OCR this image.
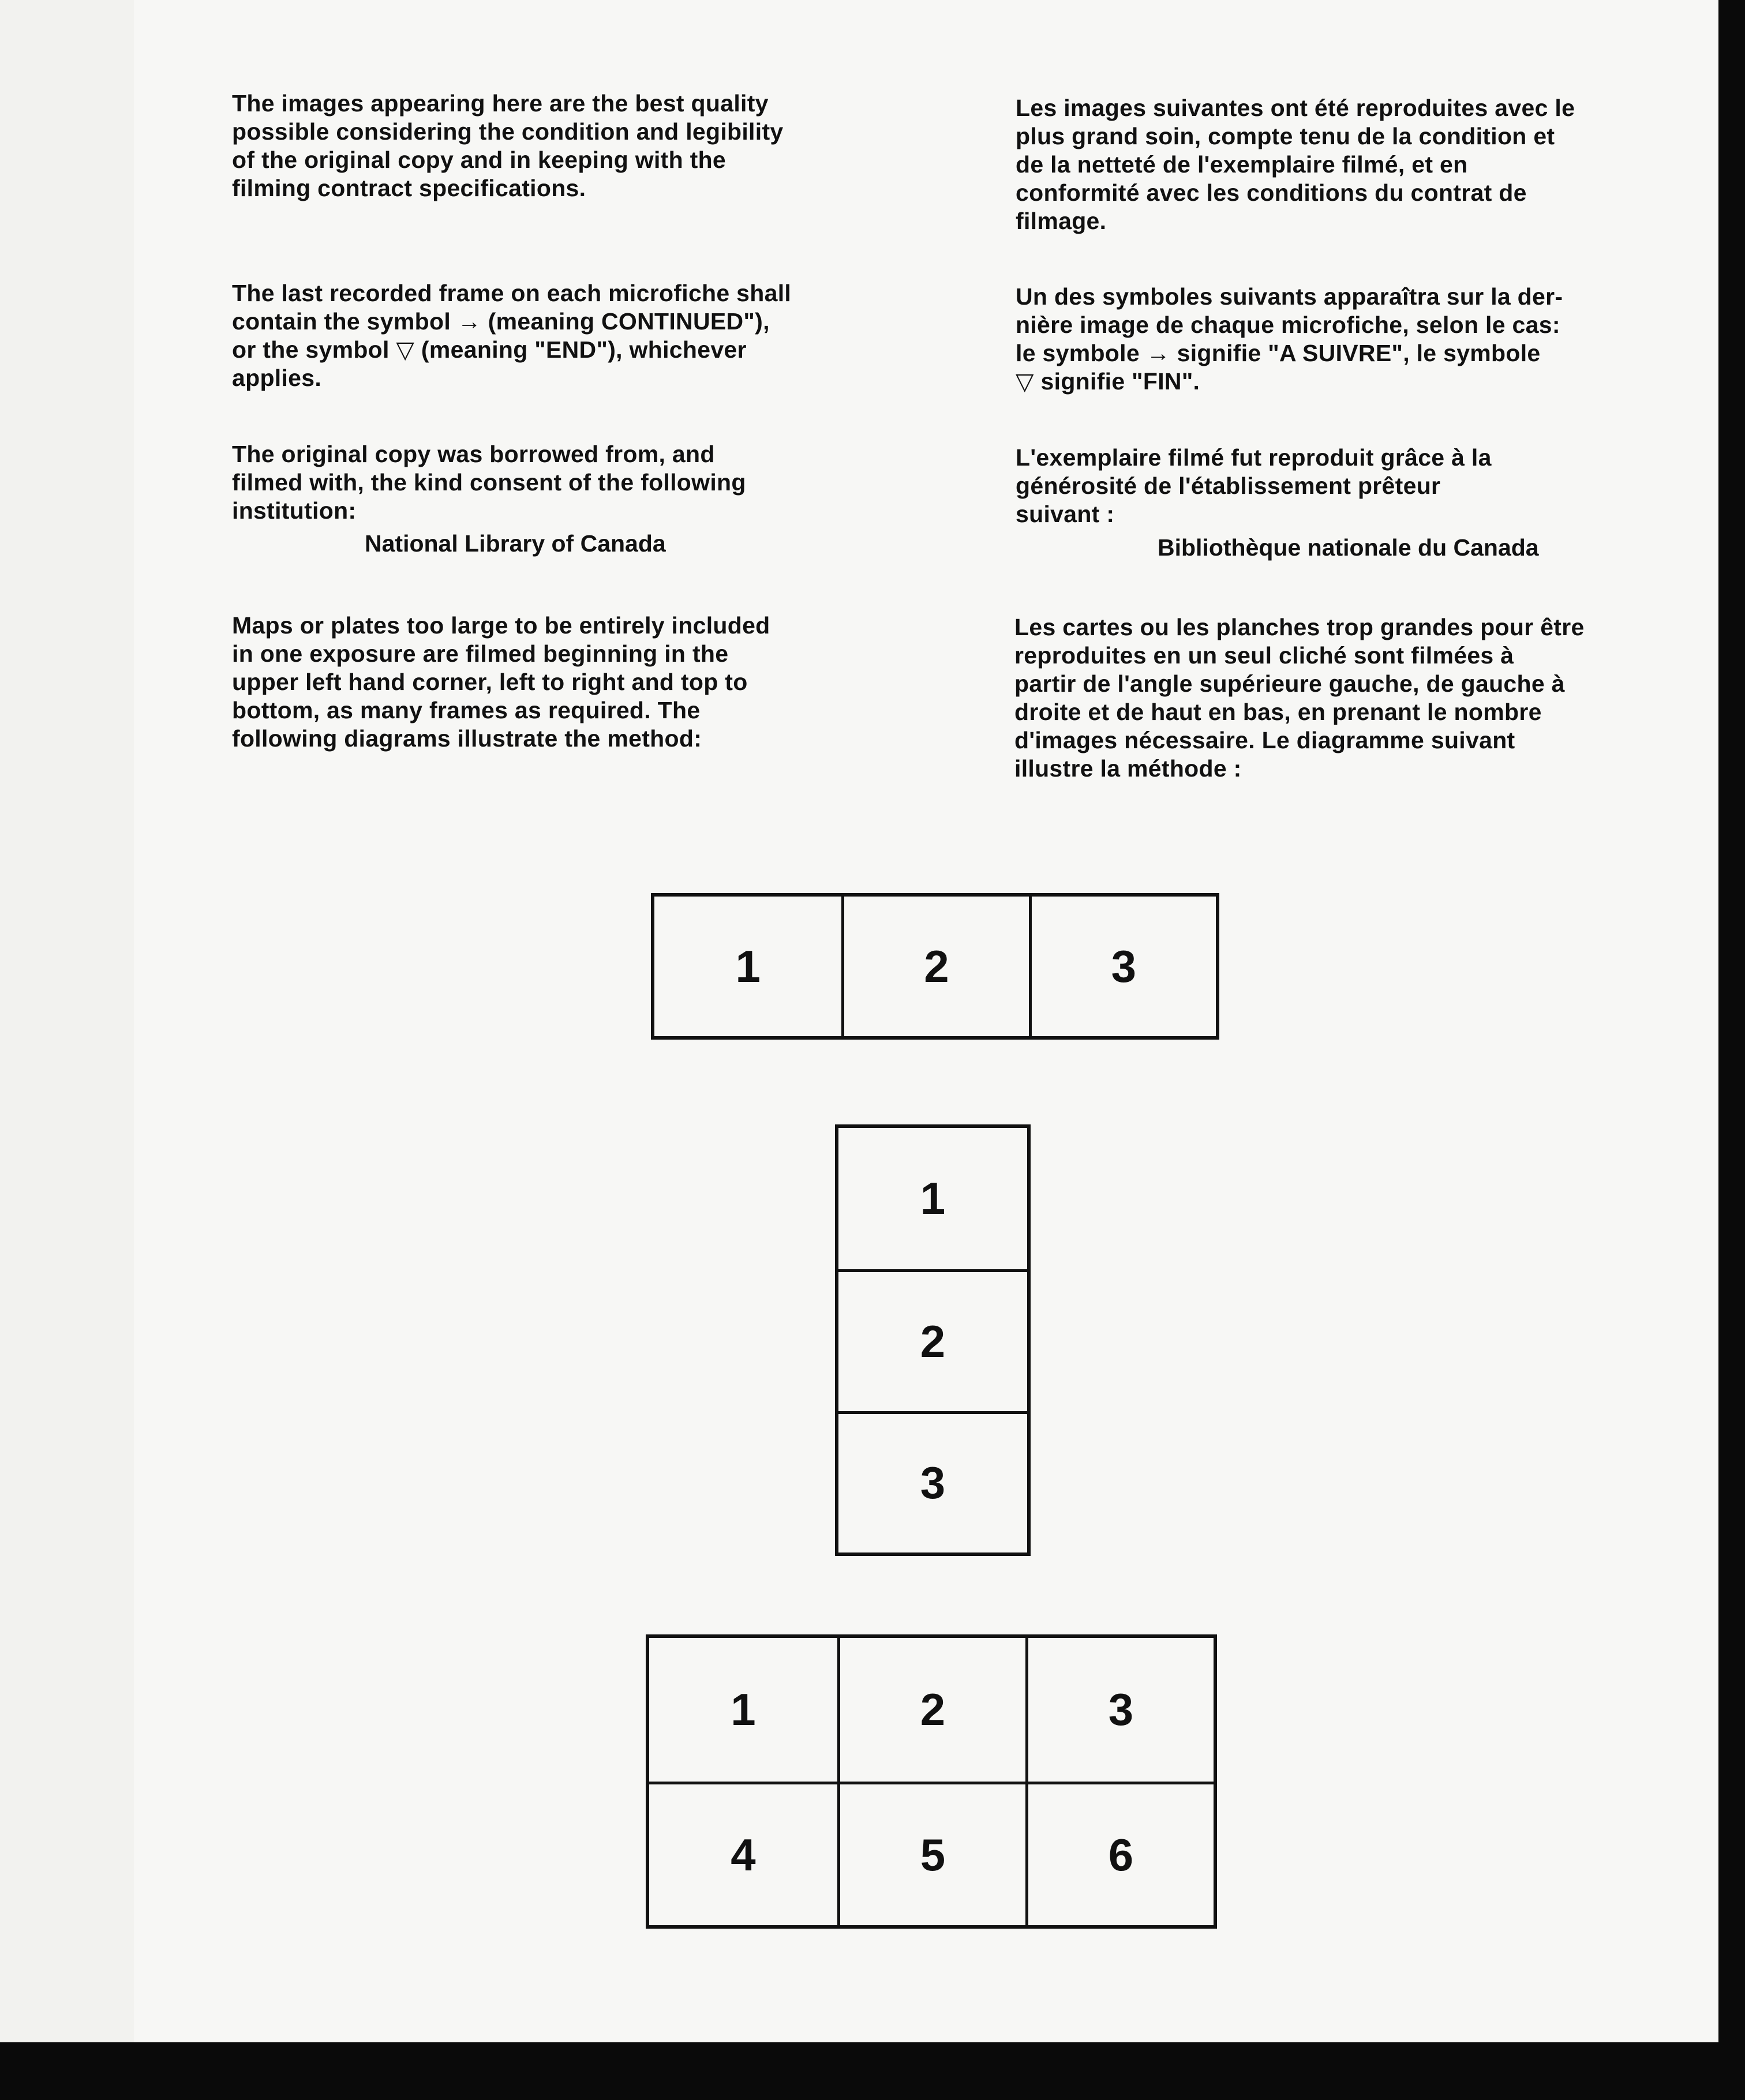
The images appearing here are the best quality
possible considering the condition and legibility
of the original copy and in keeping with the
filming contract specifications.

The last recorded frame on each microfiche shall
contain the symbol → (meaning CONTINUED"),
or the symbol ▽ (meaning "END"), whichever
applies.

The original copy was borrowed from, and
filmed with, the kind consent of the following
institution:

National Library of Canada

Maps or plates too large to be entirely included
in one exposure are filmed beginning in the
upper left hand corner, left to right and top to
bottom, as many frames as required. The
following diagrams illustrate the method:

Les images suivantes ont été reproduites avec le
plus grand soin, compte tenu de la condition et
de la netteté de l'exemplaire filmé, et en
conformité avec les conditions du contrat de
filmage.

Un des symboles suivants apparaîtra sur la der-
nière image de chaque microfiche, selon le cas:
le symbole → signifie "A SUIVRE", le symbole
▽ signifie "FIN".

L'exemplaire filmé fut reproduit grâce à la
générosité de l'établissement prêteur
suivant :

Bibliothèque nationale du Canada

Les cartes ou les planches trop grandes pour être
reproduites en un seul cliché sont filmées à
partir de l'angle supérieure gauche, de gauche à
droite et de haut en bas, en prenant le nombre
d'images nécessaire. Le diagramme suivant
illustre la méthode :

1	2	3
1
2
3
1	2	3
4	5	6
